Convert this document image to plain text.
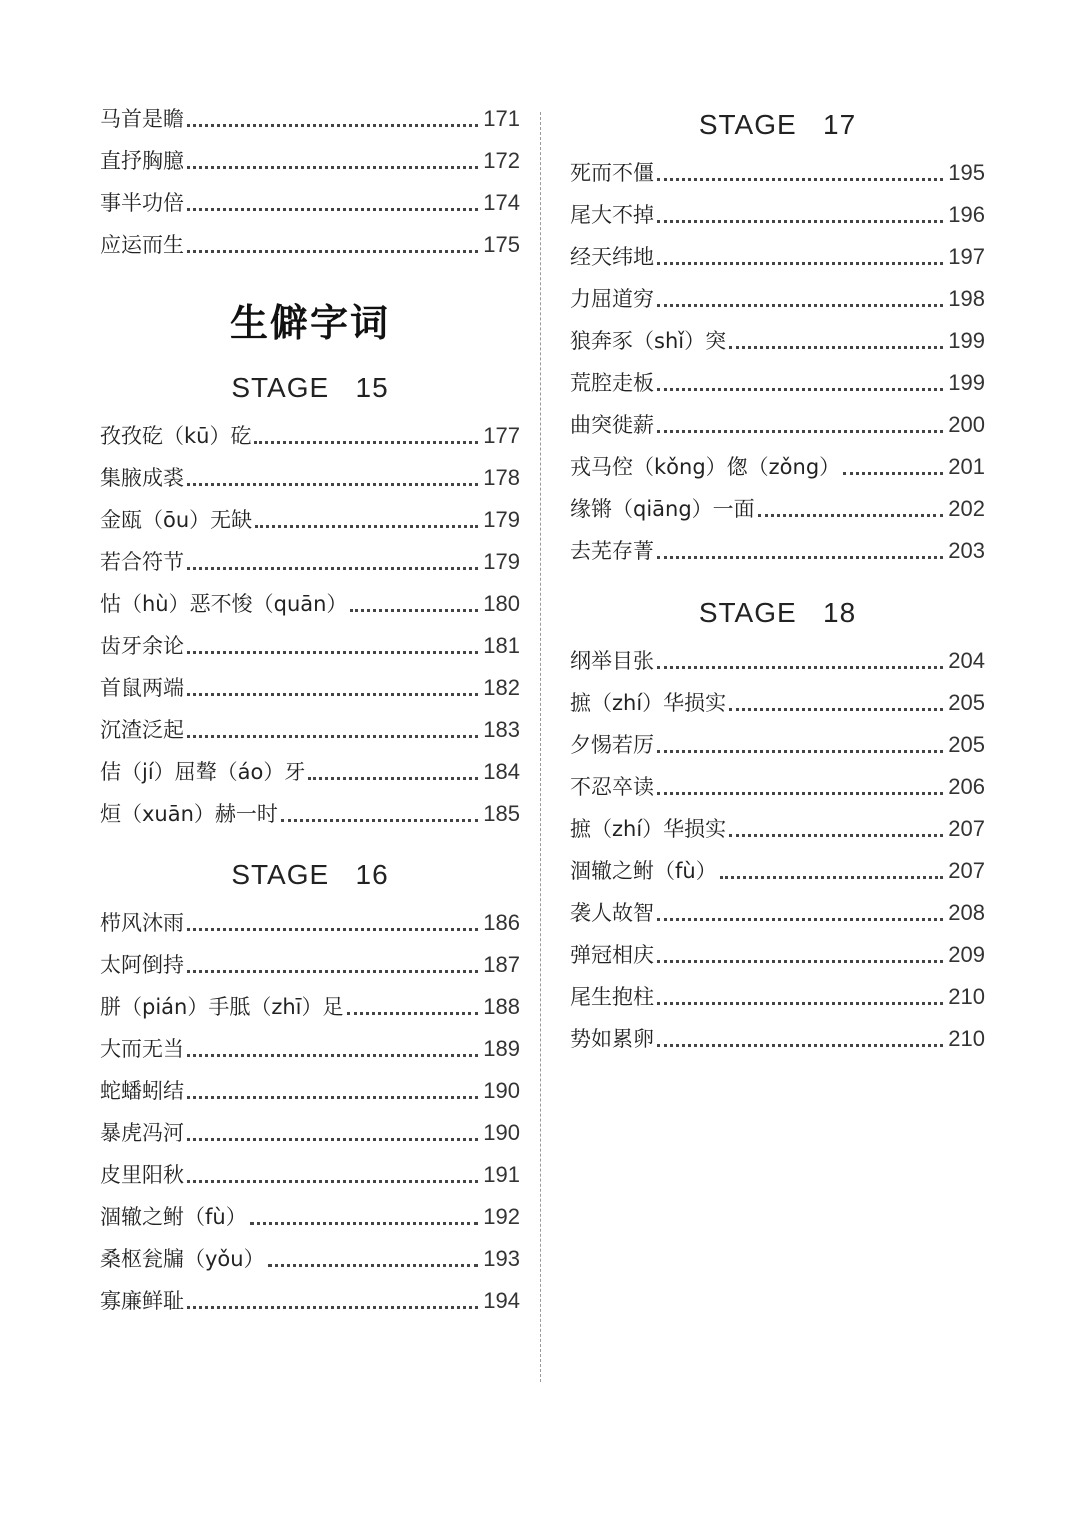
马首是瞻	171
直抒胸臆	172
事半功倍	174
应运而生	175
生僻字词
STAGE   15
孜孜矻（kū）矻	177
集腋成裘	178
金瓯（ōu）无缺	179
若合符节	179
怙（hù）恶不悛（quān）	180
齿牙余论	181
首鼠两端	182
沉渣泛起	183
佶（jí）屈聱（áo）牙	184
烜（xuān）赫一时	185
STAGE   16
栉风沐雨	186
太阿倒持	187
胼（pián）手胝（zhī）足	188
大而无当	189
蛇蟠蚓结	190
暴虎冯河	190
皮里阳秋	191
涸辙之鲋（fù）	192
桑枢瓮牖（yǒu）	193
寡廉鲜耻	194
STAGE   17
死而不僵	195
尾大不掉	196
经天纬地	197
力屈道穷	198
狼奔豕（shǐ）突	199
荒腔走板	199
曲突徙薪	200
戎马倥（kǒng）偬（zǒng）	201
缘锵（qiāng）一面	202
去芜存菁	203
STAGE   18
纲举目张	204
摭（zhí）华损实	205
夕惕若厉	205
不忍卒读	206
摭（zhí）华损实	207
涸辙之鲋（fù）	207
袭人故智	208
弹冠相庆	209
尾生抱柱	210
势如累卵	210
